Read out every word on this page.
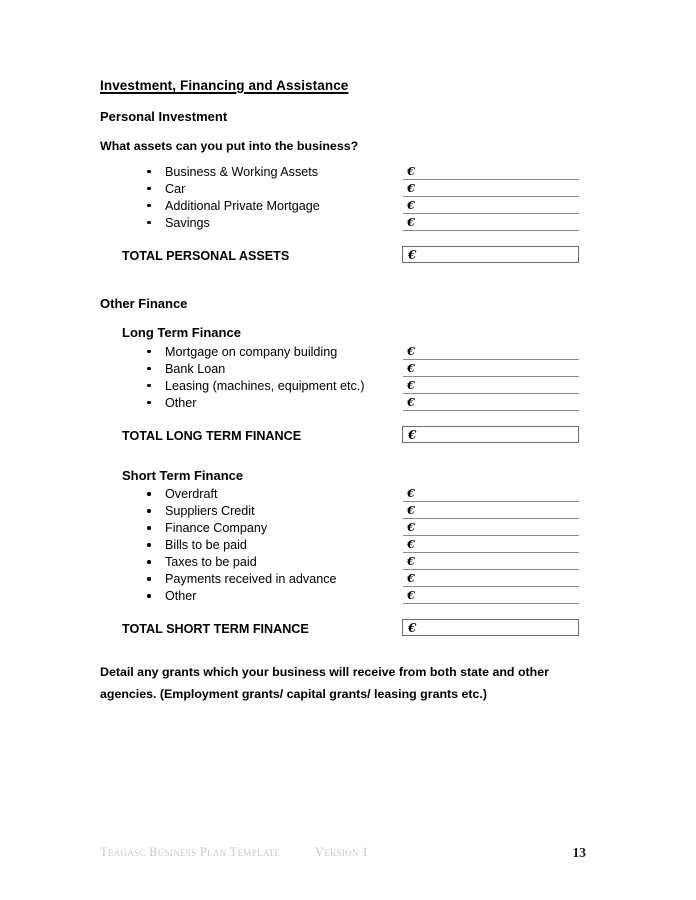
Investment, Financing and Assistance
Personal Investment

What assets can you put into the business?

Business & Working Assets	€
Car	€
Additional Private Mortgage	€
Savings	€
TOTAL PERSONAL ASSETS	€
Other Finance
Long Term Finance
Mortgage on company building	€
Bank Loan	€
Leasing (machines, equipment etc.)	€
Other	€
TOTAL LONG TERM FINANCE	€
Short Term Finance
Overdraft	€
Suppliers Credit	€
Finance Company	€
Bills to be paid	€
Taxes to be paid	€
Payments received in advance	€
Other	€
TOTAL SHORT TERM FINANCE	€

Detail any grants which your business will receive from both state and other
agencies. (Employment grants/ capital grants/ leasing grants etc.)

Teagasc Business Plan Template	Version 1	13
